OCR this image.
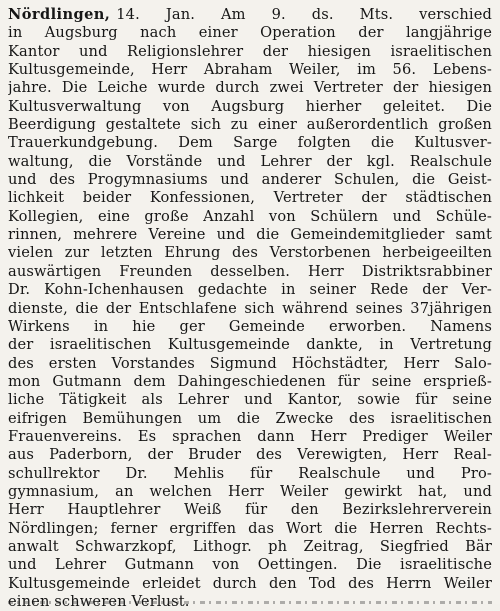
Nördlingen, 14. Jan. Am 9. ds. Mts. verschied
in Augsburg nach einer Operation der langjährige
Kantor und Religionslehrer der hiesigen israelitischen
Kultusgemeinde, Herr Abraham Weiler, im 56. Lebens-
jahre. Die Leiche wurde durch zwei Vertreter der hiesigen
Kultusverwaltung von Augsburg hierher geleitet. Die
Beerdigung gestaltete sich zu einer außerordentlich großen
Trauerkundgebung. Dem Sarge folgten die Kultusver-
waltung, die Vorstände und Lehrer der kgl. Realschule
und des Progymnasiums und anderer Schulen, die Geist-
lichkeit beider Konfessionen, Vertreter der städtischen
Kollegien, eine große Anzahl von Schülern und Schüle-
rinnen, mehrere Vereine und die Gemeindemitglieder samt
vielen zur letzten Ehrung des Verstorbenen herbeigeeilten
auswärtigen Freunden desselben. Herr Distriktsrabbiner
Dr. Kohn-Ichenhausen gedachte in seiner Rede der Ver-
dienste, die der Entschlafene sich während seines 37jährigen
Wirkens in hie ger Gemeinde erworben. Namens
der israelitischen Kultusgemeinde dankte, in Vertretung
des ersten Vorstandes Sigmund Höchstädter, Herr Salo-
mon Gutmann dem Dahingeschiedenen für seine ersprieß-
liche Tätigkeit als Lehrer und Kantor, sowie für seine
eifrigen Bemühungen um die Zwecke des israelitischen
Frauenvereins. Es sprachen dann Herr Prediger Weiler
aus Paderborn, der Bruder des Verewigten, Herr Real-
schullrektor Dr. Mehlis für Realschule und Pro-
gymnasium, an welchen Herr Weiler gewirkt hat, und
Herr Hauptlehrer Weiß für den Bezirkslehrerverein
Nördlingen; ferner ergriffen das Wort die Herren Rechts-
anwalt Schwarzkopf, Lithogr. ph Zeitrag, Siegfried Bär
und Lehrer Gutmann von Oettingen. Die israelitische
Kultusgemeinde erleidet durch den Tod des Herrn Weiler
einen schweren Verlust.
